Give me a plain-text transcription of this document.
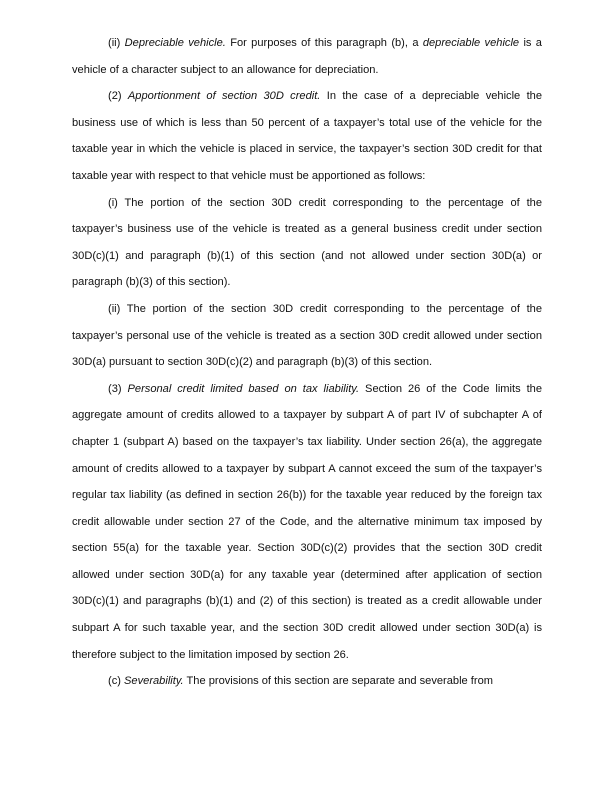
(ii) Depreciable vehicle. For purposes of this paragraph (b), a depreciable vehicle is a vehicle of a character subject to an allowance for depreciation.

(2) Apportionment of section 30D credit. In the case of a depreciable vehicle the business use of which is less than 50 percent of a taxpayer’s total use of the vehicle for the taxable year in which the vehicle is placed in service, the taxpayer’s section 30D credit for that taxable year with respect to that vehicle must be apportioned as follows:

(i) The portion of the section 30D credit corresponding to the percentage of the taxpayer’s business use of the vehicle is treated as a general business credit under section 30D(c)(1) and paragraph (b)(1) of this section (and not allowed under section 30D(a) or paragraph (b)(3) of this section).

(ii) The portion of the section 30D credit corresponding to the percentage of the taxpayer’s personal use of the vehicle is treated as a section 30D credit allowed under section 30D(a) pursuant to section 30D(c)(2) and paragraph (b)(3) of this section.

(3) Personal credit limited based on tax liability. Section 26 of the Code limits the aggregate amount of credits allowed to a taxpayer by subpart A of part IV of subchapter A of chapter 1 (subpart A) based on the taxpayer’s tax liability. Under section 26(a), the aggregate amount of credits allowed to a taxpayer by subpart A cannot exceed the sum of the taxpayer’s regular tax liability (as defined in section 26(b)) for the taxable year reduced by the foreign tax credit allowable under section 27 of the Code, and the alternative minimum tax imposed by section 55(a) for the taxable year. Section 30D(c)(2) provides that the section 30D credit allowed under section 30D(a) for any taxable year (determined after application of section 30D(c)(1) and paragraphs (b)(1) and (2) of this section) is treated as a credit allowable under subpart A for such taxable year, and the section 30D credit allowed under section 30D(a) is therefore subject to the limitation imposed by section 26.

(c) Severability. The provisions of this section are separate and severable from
